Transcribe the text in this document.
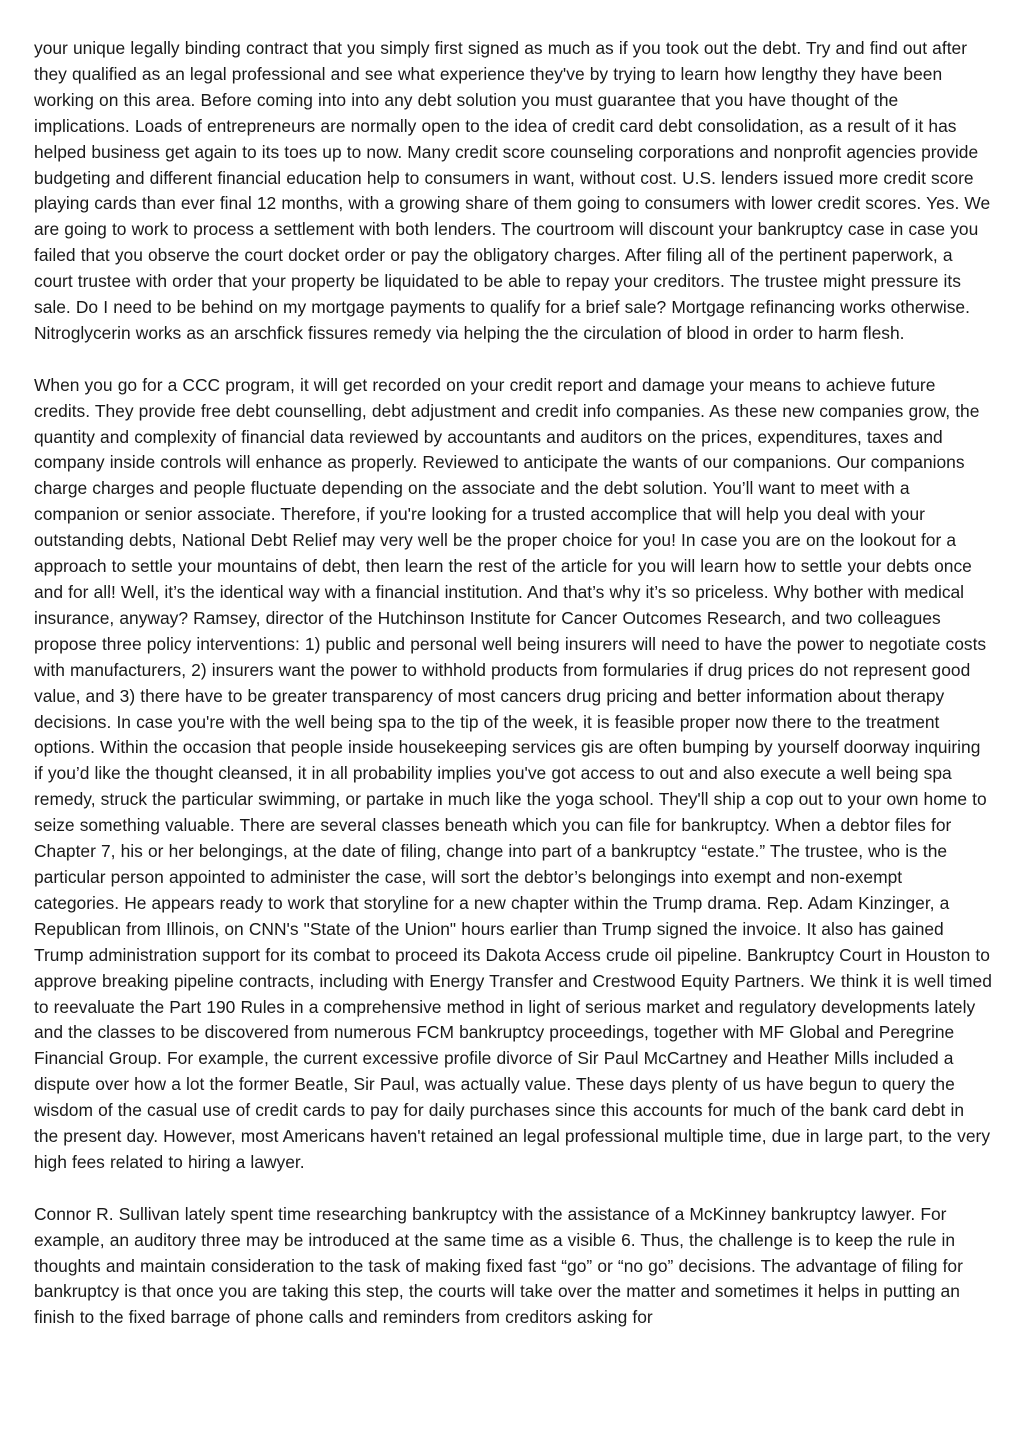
your unique legally binding contract that you simply first signed as much as if you took out the debt. Try and find out after they qualified as an legal professional and see what experience they've by trying to learn how lengthy they have been working on this area. Before coming into into any debt solution you must guarantee that you have thought of the implications. Loads of entrepreneurs are normally open to the idea of credit card debt consolidation, as a result of it has helped business get again to its toes up to now. Many credit score counseling corporations and nonprofit agencies provide budgeting and different financial education help to consumers in want, without cost. U.S. lenders issued more credit score playing cards than ever final 12 months, with a growing share of them going to consumers with lower credit scores. Yes. We are going to work to process a settlement with both lenders. The courtroom will discount your bankruptcy case in case you failed that you observe the court docket order or pay the obligatory charges. After filing all of the pertinent paperwork, a court trustee with order that your property be liquidated to be able to repay your creditors. The trustee might pressure its sale. Do I need to be behind on my mortgage payments to qualify for a brief sale? Mortgage refinancing works otherwise. Nitroglycerin works as an arschfick fissures remedy via helping the the circulation of blood in order to harm flesh.

When you go for a CCC program, it will get recorded on your credit report and damage your means to achieve future credits. They provide free debt counselling, debt adjustment and credit info companies. As these new companies grow, the quantity and complexity of financial data reviewed by accountants and auditors on the prices, expenditures, taxes and company inside controls will enhance as properly. Reviewed to anticipate the wants of our companions. Our companions charge charges and people fluctuate depending on the associate and the debt solution. You’ll want to meet with a companion or senior associate. Therefore, if you're looking for a trusted accomplice that will help you deal with your outstanding debts, National Debt Relief may very well be the proper choice for you! In case you are on the lookout for a approach to settle your mountains of debt, then learn the rest of the article for you will learn how to settle your debts once and for all! Well, it’s the identical way with a financial institution. And that’s why it’s so priceless. Why bother with medical insurance, anyway? Ramsey, director of the Hutchinson Institute for Cancer Outcomes Research, and two colleagues propose three policy interventions: 1) public and personal well being insurers will need to have the power to negotiate costs with manufacturers, 2) insurers want the power to withhold products from formularies if drug prices do not represent good value, and 3) there have to be greater transparency of most cancers drug pricing and better information about therapy decisions. In case you're with the well being spa to the tip of the week, it is feasible proper now there to the treatment options. Within the occasion that people inside housekeeping services gis are often bumping by yourself doorway inquiring if you’d like the thought cleansed, it in all probability implies you've got access to out and also execute a well being spa remedy, struck the particular swimming, or partake in much like the yoga school. They'll ship a cop out to your own home to seize something valuable. There are several classes beneath which you can file for bankruptcy. When a debtor files for Chapter 7, his or her belongings, at the date of filing, change into part of a bankruptcy “estate.” The trustee, who is the particular person appointed to administer the case, will sort the debtor’s belongings into exempt and non-exempt categories. He appears ready to work that storyline for a new chapter within the Trump drama. Rep. Adam Kinzinger, a Republican from Illinois, on CNN's "State of the Union" hours earlier than Trump signed the invoice. It also has gained Trump administration support for its combat to proceed its Dakota Access crude oil pipeline. Bankruptcy Court in Houston to approve breaking pipeline contracts, including with Energy Transfer and Crestwood Equity Partners. We think it is well timed to reevaluate the Part 190 Rules in a comprehensive method in light of serious market and regulatory developments lately and the classes to be discovered from numerous FCM bankruptcy proceedings, together with MF Global and Peregrine Financial Group. For example, the current excessive profile divorce of Sir Paul McCartney and Heather Mills included a dispute over how a lot the former Beatle, Sir Paul, was actually value. These days plenty of us have begun to query the wisdom of the casual use of credit cards to pay for daily purchases since this accounts for much of the bank card debt in the present day. However, most Americans haven't retained an legal professional multiple time, due in large part, to the very high fees related to hiring a lawyer.

Connor R. Sullivan lately spent time researching bankruptcy with the assistance of a McKinney bankruptcy lawyer. For example, an auditory three may be introduced at the same time as a visible 6. Thus, the challenge is to keep the rule in thoughts and maintain consideration to the task of making fixed fast “go” or “no go” decisions. The advantage of filing for bankruptcy is that once you are taking this step, the courts will take over the matter and sometimes it helps in putting an finish to the fixed barrage of phone calls and reminders from creditors asking for
